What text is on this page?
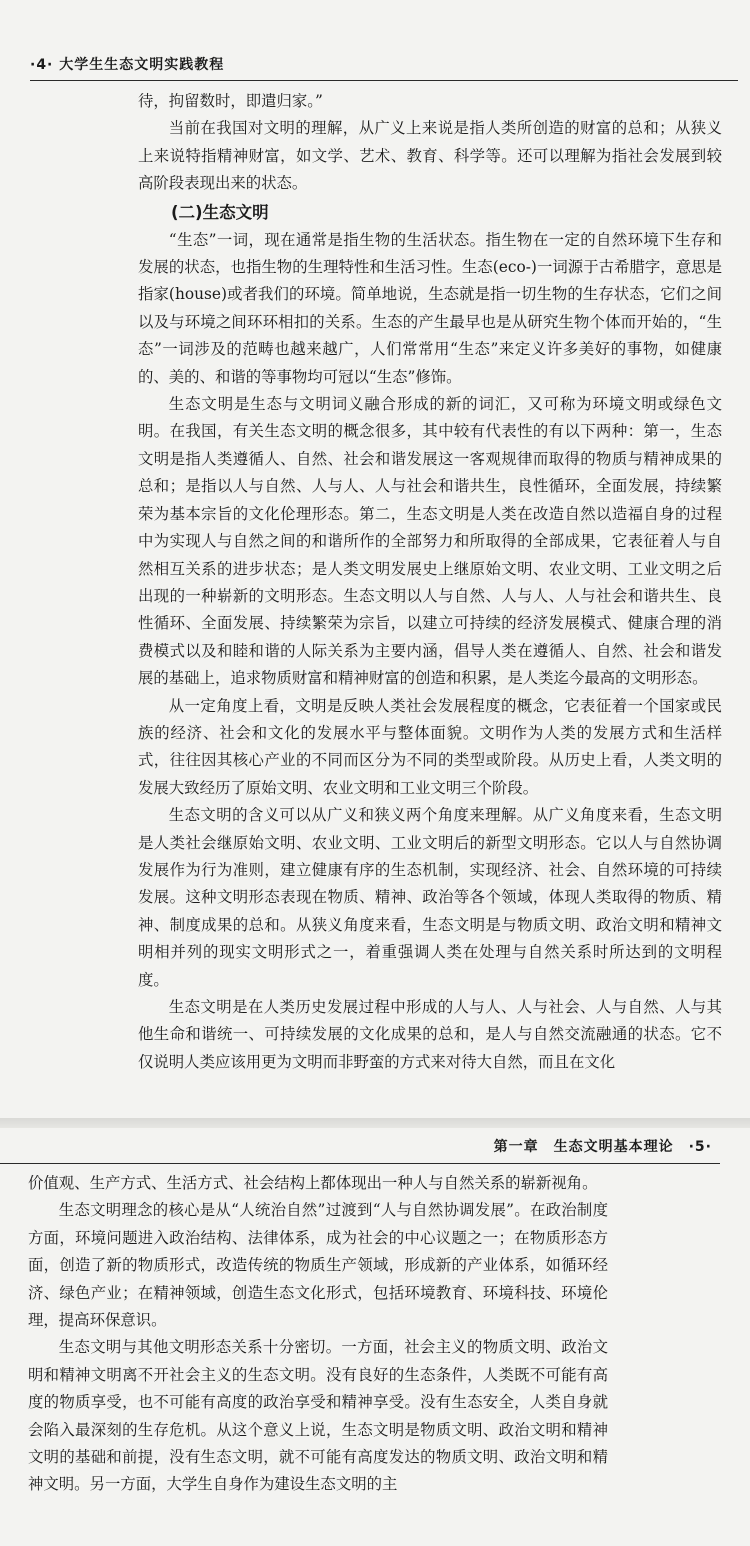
·4· 大学生生态文明实践教程

待，拘留数时，即遣归家。”

当前在我国对文明的理解，从广义上来说是指人类所创造的财富的总和；从狭义上来说特指精神财富，如文学、艺术、教育、科学等。还可以理解为指社会发展到较高阶段表现出来的状态。

(二)生态文明

“生态”一词，现在通常是指生物的生活状态。指生物在一定的自然环境下生存和发展的状态，也指生物的生理特性和生活习性。生态(eco-)一词源于古希腊字，意思是指家(house)或者我们的环境。简单地说，生态就是指一切生物的生存状态，它们之间以及与环境之间环环相扣的关系。生态的产生最早也是从研究生物个体而开始的，“生态”一词涉及的范畴也越来越广，人们常常用“生态”来定义许多美好的事物，如健康的、美的、和谐的等事物均可冠以“生态”修饰。

生态文明是生态与文明词义融合形成的新的词汇，又可称为环境文明或绿色文明。在我国，有关生态文明的概念很多，其中较有代表性的有以下两种：第一，生态文明是指人类遵循人、自然、社会和谐发展这一客观规律而取得的物质与精神成果的总和；是指以人与自然、人与人、人与社会和谐共生，良性循环，全面发展，持续繁荣为基本宗旨的文化伦理形态。第二，生态文明是人类在改造自然以造福自身的过程中为实现人与自然之间的和谐所作的全部努力和所取得的全部成果，它表征着人与自然相互关系的进步状态；是人类文明发展史上继原始文明、农业文明、工业文明之后出现的一种崭新的文明形态。生态文明以人与自然、人与人、人与社会和谐共生、良性循环、全面发展、持续繁荣为宗旨，以建立可持续的经济发展模式、健康合理的消费模式以及和睦和谐的人际关系为主要内涵，倡导人类在遵循人、自然、社会和谐发展的基础上，追求物质财富和精神财富的创造和积累，是人类迄今最高的文明形态。

从一定角度上看，文明是反映人类社会发展程度的概念，它表征着一个国家或民族的经济、社会和文化的发展水平与整体面貌。文明作为人类的发展方式和生活样式，往往因其核心产业的不同而区分为不同的类型或阶段。从历史上看，人类文明的发展大致经历了原始文明、农业文明和工业文明三个阶段。

生态文明的含义可以从广义和狭义两个角度来理解。从广义角度来看，生态文明是人类社会继原始文明、农业文明、工业文明后的新型文明形态。它以人与自然协调发展作为行为准则，建立健康有序的生态机制，实现经济、社会、自然环境的可持续发展。这种文明形态表现在物质、精神、政治等各个领域，体现人类取得的物质、精神、制度成果的总和。从狭义角度来看，生态文明是与物质文明、政治文明和精神文明相并列的现实文明形式之一，着重强调人类在处理与自然关系时所达到的文明程度。

生态文明是在人类历史发展过程中形成的人与人、人与社会、人与自然、人与其他生命和谐统一、可持续发展的文化成果的总和，是人与自然交流融通的状态。它不仅说明人类应该用更为文明而非野蛮的方式来对待大自然，而且在文化

第一章　生态文明基本理论　·5·

价值观、生产方式、生活方式、社会结构上都体现出一种人与自然关系的崭新视角。

生态文明理念的核心是从“人统治自然”过渡到“人与自然协调发展”。在政治制度方面，环境问题进入政治结构、法律体系，成为社会的中心议题之一；在物质形态方面，创造了新的物质形式，改造传统的物质生产领域，形成新的产业体系，如循环经济、绿色产业；在精神领域，创造生态文化形式，包括环境教育、环境科技、环境伦理，提高环保意识。

生态文明与其他文明形态关系十分密切。一方面，社会主义的物质文明、政治文明和精神文明离不开社会主义的生态文明。没有良好的生态条件，人类既不可能有高度的物质享受，也不可能有高度的政治享受和精神享受。没有生态安全，人类自身就会陷入最深刻的生存危机。从这个意义上说，生态文明是物质文明、政治文明和精神文明的基础和前提，没有生态文明，就不可能有高度发达的物质文明、政治文明和精神文明。另一方面，大学生自身作为建设生态文明的主
